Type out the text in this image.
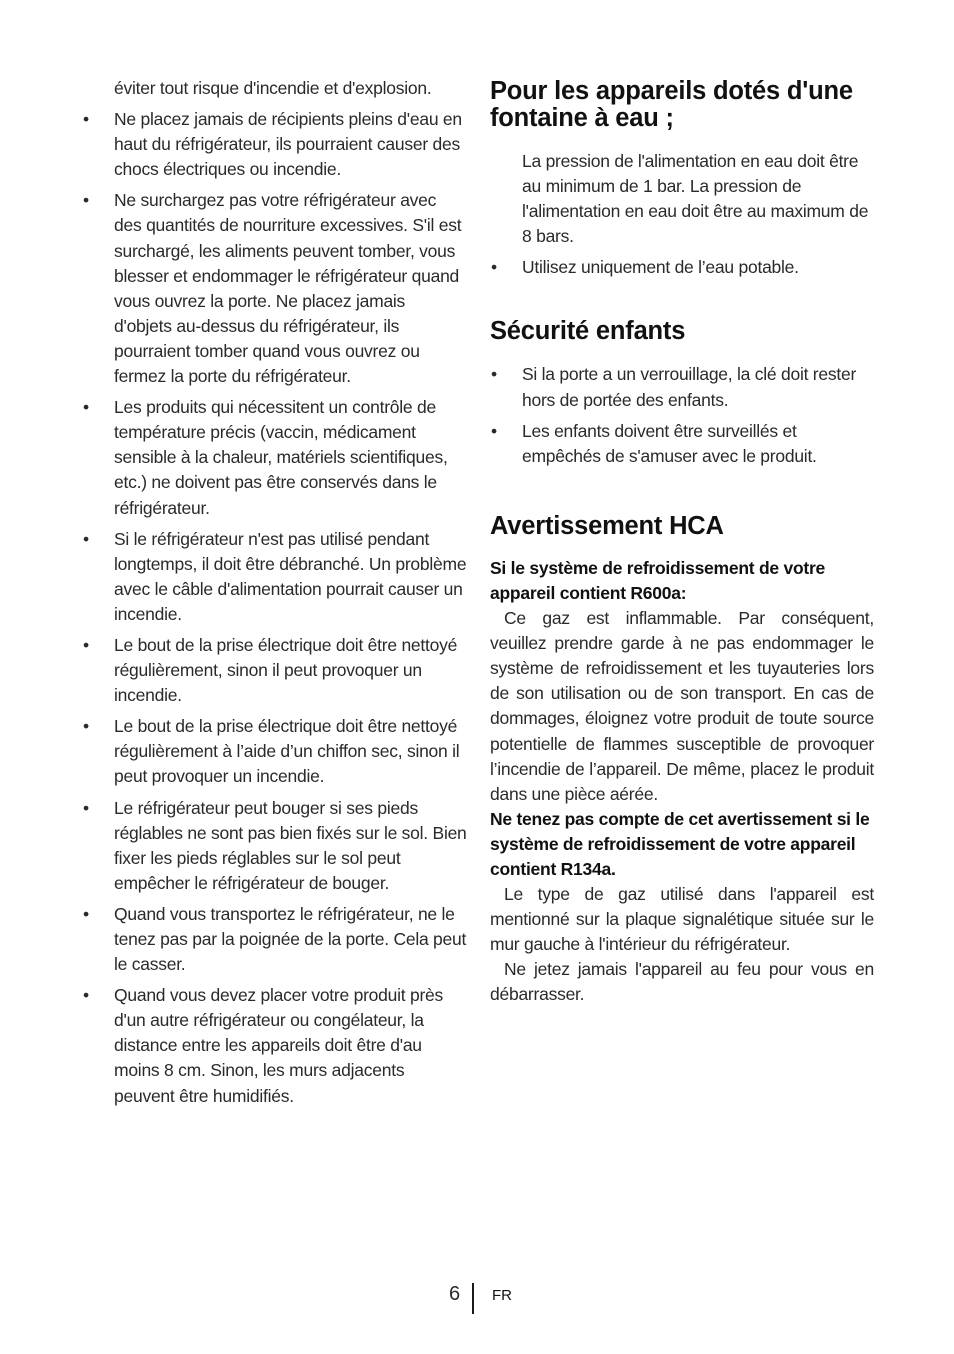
éviter tout risque d'incendie et d'explosion.

• Ne placez jamais de récipients pleins d'eau en haut du réfrigérateur, ils pourraient causer des chocs électriques ou incendie.
• Ne surchargez pas votre réfrigérateur avec des quantités de nourriture excessives. S'il est surchargé, les aliments peuvent tomber, vous blesser et endommager le réfrigérateur quand vous ouvrez la porte. Ne placez jamais d'objets au-dessus du réfrigérateur, ils pourraient tomber quand vous ouvrez ou fermez la porte du réfrigérateur.
• Les produits qui nécessitent un contrôle de température précis (vaccin, médicament sensible à la chaleur, matériels scientifiques, etc.) ne doivent pas être conservés dans le réfrigérateur.
• Si le réfrigérateur n'est pas utilisé pendant longtemps, il doit être débranché. Un problème avec le câble d'alimentation pourrait causer un incendie.
• Le bout de la prise électrique doit être nettoyé régulièrement, sinon il peut provoquer un incendie.
• Le bout de la prise électrique doit être nettoyé régulièrement à l’aide d’un chiffon sec, sinon il peut provoquer un incendie.
• Le réfrigérateur peut bouger si ses pieds réglables ne sont pas bien fixés sur le sol. Bien fixer les pieds réglables sur le sol peut empêcher le réfrigérateur de bouger.
• Quand vous transportez le réfrigérateur, ne le tenez pas par la poignée de la porte. Cela peut le casser.
• Quand vous devez placer votre produit près d'un autre réfrigérateur ou congélateur, la distance entre les appareils doit être d'au moins 8 cm. Sinon, les murs adjacents peuvent être humidifiés.
Pour les appareils dotés d'une fontaine à eau ;

La pression de l'alimentation en eau doit être au minimum de 1 bar. La pression de l'alimentation en eau doit être au maximum de 8 bars.

• Utilisez uniquement de l’eau potable.
Sécurité enfants
• Si la porte a un verrouillage, la clé doit rester hors de portée des enfants.
• Les enfants doivent être surveillés et empêchés de s'amuser avec le produit.
Avertissement HCA

Si le système de refroidissement de votre appareil contient R600a:

Ce gaz est inflammable. Par conséquent, veuillez prendre garde à ne pas endommager le système de refroidissement et les tuyauteries lors de son utilisation ou de son transport. En cas de dommages, éloignez votre produit de toute source potentielle de flammes susceptible de provoquer l’incendie de l’appareil. De même, placez le produit dans une pièce aérée.

Ne tenez pas compte de cet avertissement si le système de refroidissement de votre appareil contient R134a.

Le type de gaz utilisé dans l'appareil est mentionné sur la plaque signalétique située sur le mur gauche à l'intérieur du réfrigérateur.

Ne jetez jamais l'appareil au feu pour vous en débarrasser.

6 FR
